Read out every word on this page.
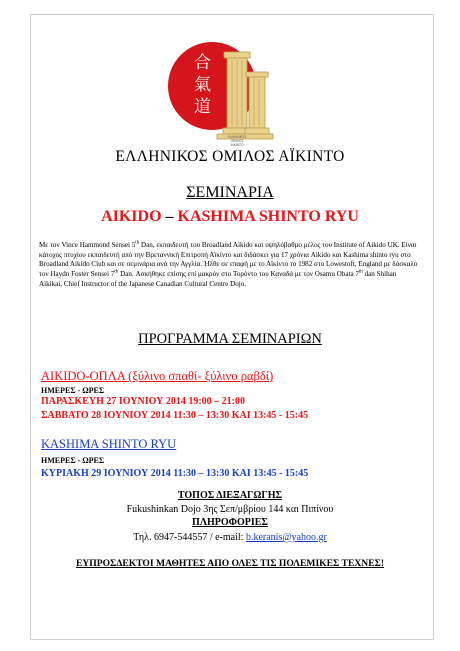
合
氣
道
ΕΛΛΗΝΙΚΟΣ
ΟΜΙΛΟΣ
ΑΪΚΙΝΤΟ
ΕΛΛΗΝΙΚΟΣ ΟΜΙΛΟΣ ΑΪΚΙΝΤΟ
ΣΕΜΙΝΑΡΙΑ
AIKIDO – KASHIMA SHINTO RYU
Με τον Vince Hammond Sensei 5th Dan, εκπαιδευτή του Broadland Aikido και υψηλόβαθμο μέλος του Institute of Aikido UK. Είναι κάτοχος πτυχίου εκπαιδευτή από την Βρεταννική Επιτροπή Αϊκίντο και διδάσκει για 17 χρόνια Aikido και Kashima shinto ryu στο Broadland Aikido Club και σε σεμινάρια ανά την Αγγλία. Ήλθε σε επαφή με το Αϊκίντο το 1982 στο Lowestoft, England με δάσκαλο τον Haydn Foster Sensei 7th Dan. Ασκήθηκε επίσης επί μακρόν στο Τορόντο του Καναδά με τον Osamu Obata 7th dan Shihan Aikikai, Chief Instructor of the Japanese Canadian Cultural Centre Dojo.
ΠΡΟΓΡΑΜΜΑ ΣΕΜΙΝΑΡΙΩΝ
AIKIDO-ΟΠΛΑ (ξύλινο σπαθί- ξύλινο ραβδί)
ΗΜΕΡΕΣ - ΩΡΕΣ
ΠΑΡΑΣΚΕΥΗ 27 ΙΟΥΝΙΟΥ 2014 19:00 – 21:00
ΣΑΒΒΑΤΟ 28 ΙΟΥΝΙΟΥ 2014 11:30 – 13:30 ΚΑΙ 13:45 - 15:45
KASHIMA SHINTO RYU
ΗΜΕΡΕΣ - ΩΡΕΣ
ΚΥΡΙΑΚΗ 29 ΙΟΥΝΙΟΥ 2014 11:30 – 13:30 ΚΑΙ 13:45 - 15:45
ΤΟΠΟΣ ΔΙΕΞΑΓΩΓΗΣ
Fukushinkan Dojo 3ης Σεπ/μβρίου 144 και Πιπίνου
ΠΛΗΡΟΦΟΡΙΕΣ
Τηλ. 6947-544557 / e-mail: b.keranis@yahoo.gr
ΕΥΠΡΟΣΔΕΚΤΟΙ ΜΑΘΗΤΕΣ ΑΠΟ ΟΛΕΣ ΤΙΣ ΠΟΛΕΜΙΚΕΣ ΤΕΧΝΕΣ!
